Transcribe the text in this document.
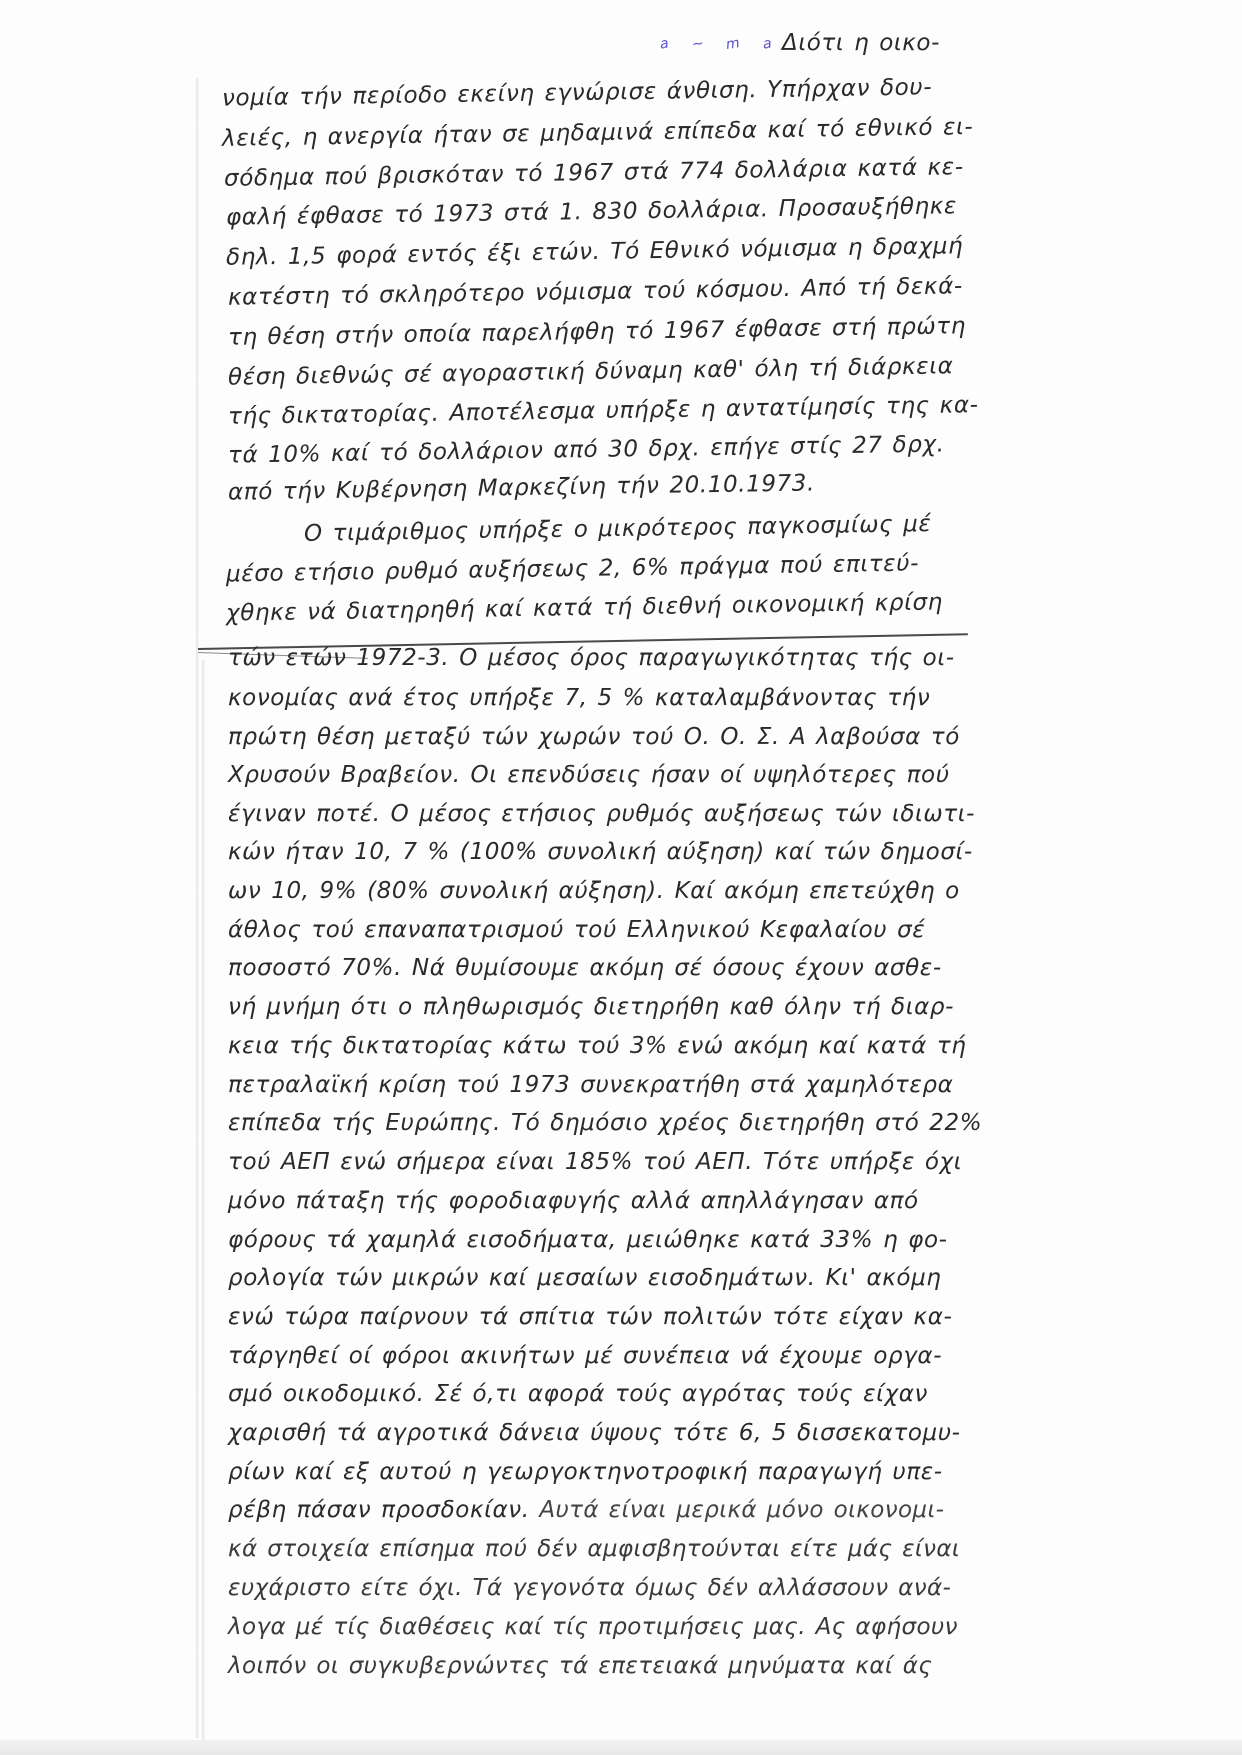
a ~ m a Διότι η οικο-
νομία τήν περίοδο εκείνη εγνώρισε άνθιση. Υπήρχαν δου-
λειές, η ανεργία ήταν σε μηδαμινά επίπεδα καί τό εθνικό ει-
σόδημα πού βρισκόταν τό 1967 στά 774 δολλάρια κατά κε-
φαλή έφθασε τό 1973 στά 1. 830 δολλάρια. Προσαυξήθηκε
δηλ. 1,5 φορά εντός έξι ετών. Τό Εθνικό νόμισμα η δραχμή
κατέστη τό σκληρότερο νόμισμα τού κόσμου. Από τή δεκά-
τη θέση στήν οποία παρελήφθη τό 1967 έφθασε στή πρώτη
θέση διεθνώς σέ αγοραστική δύναμη καθ' όλη τή διάρκεια
τής δικτατορίας. Αποτέλεσμα υπήρξε η αντατίμησίς της κα-
τά 10% καί τό δολλάριον από 30 δρχ. επήγε στίς 27 δρχ.
από τήν Κυβέρνηση Μαρκεζίνη τήν 20.10.1973.
Ο τιμάριθμος υπήρξε ο μικρότερος παγκοσμίως μέ
μέσο ετήσιο ρυθμό αυξήσεως 2, 6% πράγμα πού επιτεύ-
χθηκε νά διατηρηθή καί κατά τή διεθνή οικονομική κρίση
τών ετών 1972-3. Ο μέσος όρος παραγωγικότητας τής οι-
κονομίας ανά έτος υπήρξε 7, 5 % καταλαμβάνοντας τήν
πρώτη θέση μεταξύ τών χωρών τού Ο. Ο. Σ. Α λαβούσα τό
Χρυσούν Βραβείον. Οι επενδύσεις ήσαν οί υψηλότερες πού
έγιναν ποτέ. Ο μέσος ετήσιος ρυθμός αυξήσεως τών ιδιωτι-
κών ήταν 10, 7 % (100% συνολική αύξηση) καί τών δημοσί-
ων 10, 9% (80% συνολική αύξηση). Καί ακόμη επετεύχθη ο
άθλος τού επαναπατρισμού τού Ελληνικού Κεφαλαίου σέ
ποσοστό 70%. Νά θυμίσουμε ακόμη σέ όσους έχουν ασθε-
νή μνήμη ότι ο πληθωρισμός διετηρήθη καθ όλην τή διαρ-
κεια τής δικτατορίας κάτω τού 3% ενώ ακόμη καί κατά τή
πετραλαϊκή κρίση τού 1973 συνεκρατήθη στά χαμηλότερα
επίπεδα τής Ευρώπης. Τό δημόσιο χρέος διετηρήθη στό 22%
τού ΑΕΠ ενώ σήμερα είναι 185% τού ΑΕΠ. Τότε υπήρξε όχι
μόνο πάταξη τής φοροδιαφυγής αλλά απηλλάγησαν από
φόρους τά χαμηλά εισοδήματα, μειώθηκε κατά 33% η φο-
ρολογία τών μικρών καί μεσαίων εισοδημάτων. Κι' ακόμη
ενώ τώρα παίρνουν τά σπίτια τών πολιτών τότε είχαν κα-
τάργηθεί οί φόροι ακινήτων μέ συνέπεια νά έχουμε οργα-
σμό οικοδομικό. Σέ ό,τι αφορά τούς αγρότας τούς είχαν
χαρισθή τά αγροτικά δάνεια ύψους τότε 6, 5 δισσεκατομυ-
ρίων καί εξ αυτού η γεωργοκτηνοτροφική παραγωγή υπε-
ρέβη πάσαν προσδοκίαν. Αυτά είναι μερικά μόνο οικονομι-
κά στοιχεία επίσημα πού δέν αμφισβητούνται είτε μάς είναι
ευχάριστο είτε όχι. Τά γεγονότα όμως δέν αλλάσσουν ανά-
λογα μέ τίς διαθέσεις καί τίς προτιμήσεις μας. Ας αφήσουν
λοιπόν οι συγκυβερνώντες τά επετειακά μηνύματα καί άς
